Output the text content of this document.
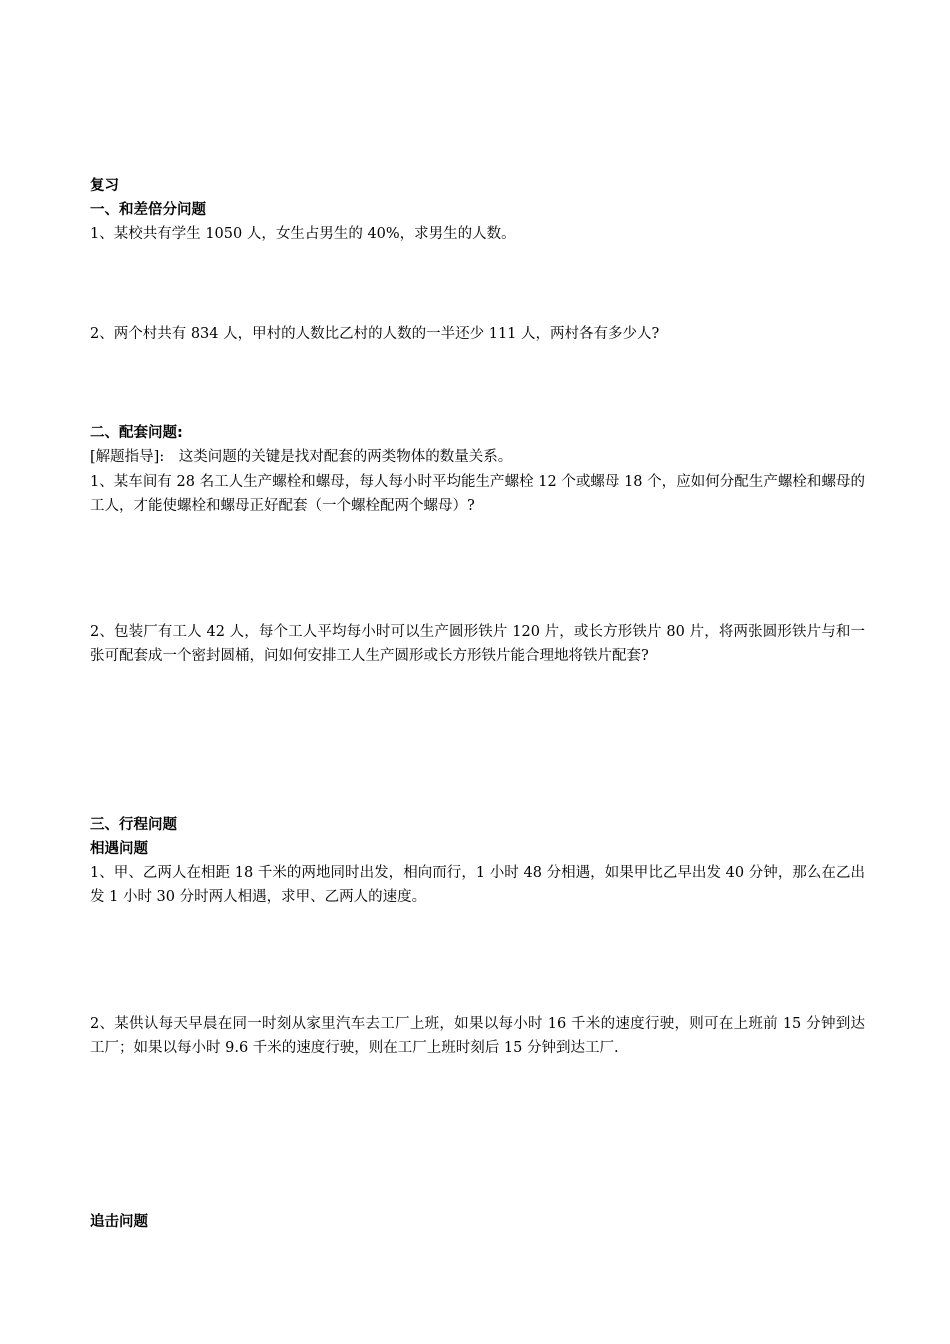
复习
一、和差倍分问题
1、某校共有学生 1050 人，女生占男生的 40%，求男生的人数。
2、两个村共有 834 人，甲村的人数比乙村的人数的一半还少 111 人，两村各有多少人?
二、配套问题:
[解题指导]:　这类问题的关键是找对配套的两类物体的数量关系。
1、某车间有 28 名工人生产螺栓和螺母，每人每小时平均能生产螺栓 12 个或螺母 18 个，应如何分配生产螺栓和螺母的工人，才能使螺栓和螺母正好配套（一个螺栓配两个螺母）?
2、包装厂有工人 42 人，每个工人平均每小时可以生产圆形铁片 120 片，或长方形铁片 80 片，将两张圆形铁片与和一张可配套成一个密封圆桶，问如何安排工人生产圆形或长方形铁片能合理地将铁片配套?
三、行程问题
相遇问题
1、甲、乙两人在相距 18 千米的两地同时出发，相向而行，1 小时 48 分相遇，如果甲比乙早出发 40 分钟，那么在乙出发 1 小时 30 分时两人相遇，求甲、乙两人的速度。
2、某供认每天早晨在同一时刻从家里汽车去工厂上班，如果以每小时 16 千米的速度行驶，则可在上班前 15 分钟到达工厂；如果以每小时 9.6 千米的速度行驶，则在工厂上班时刻后 15 分钟到达工厂.
追击问题
